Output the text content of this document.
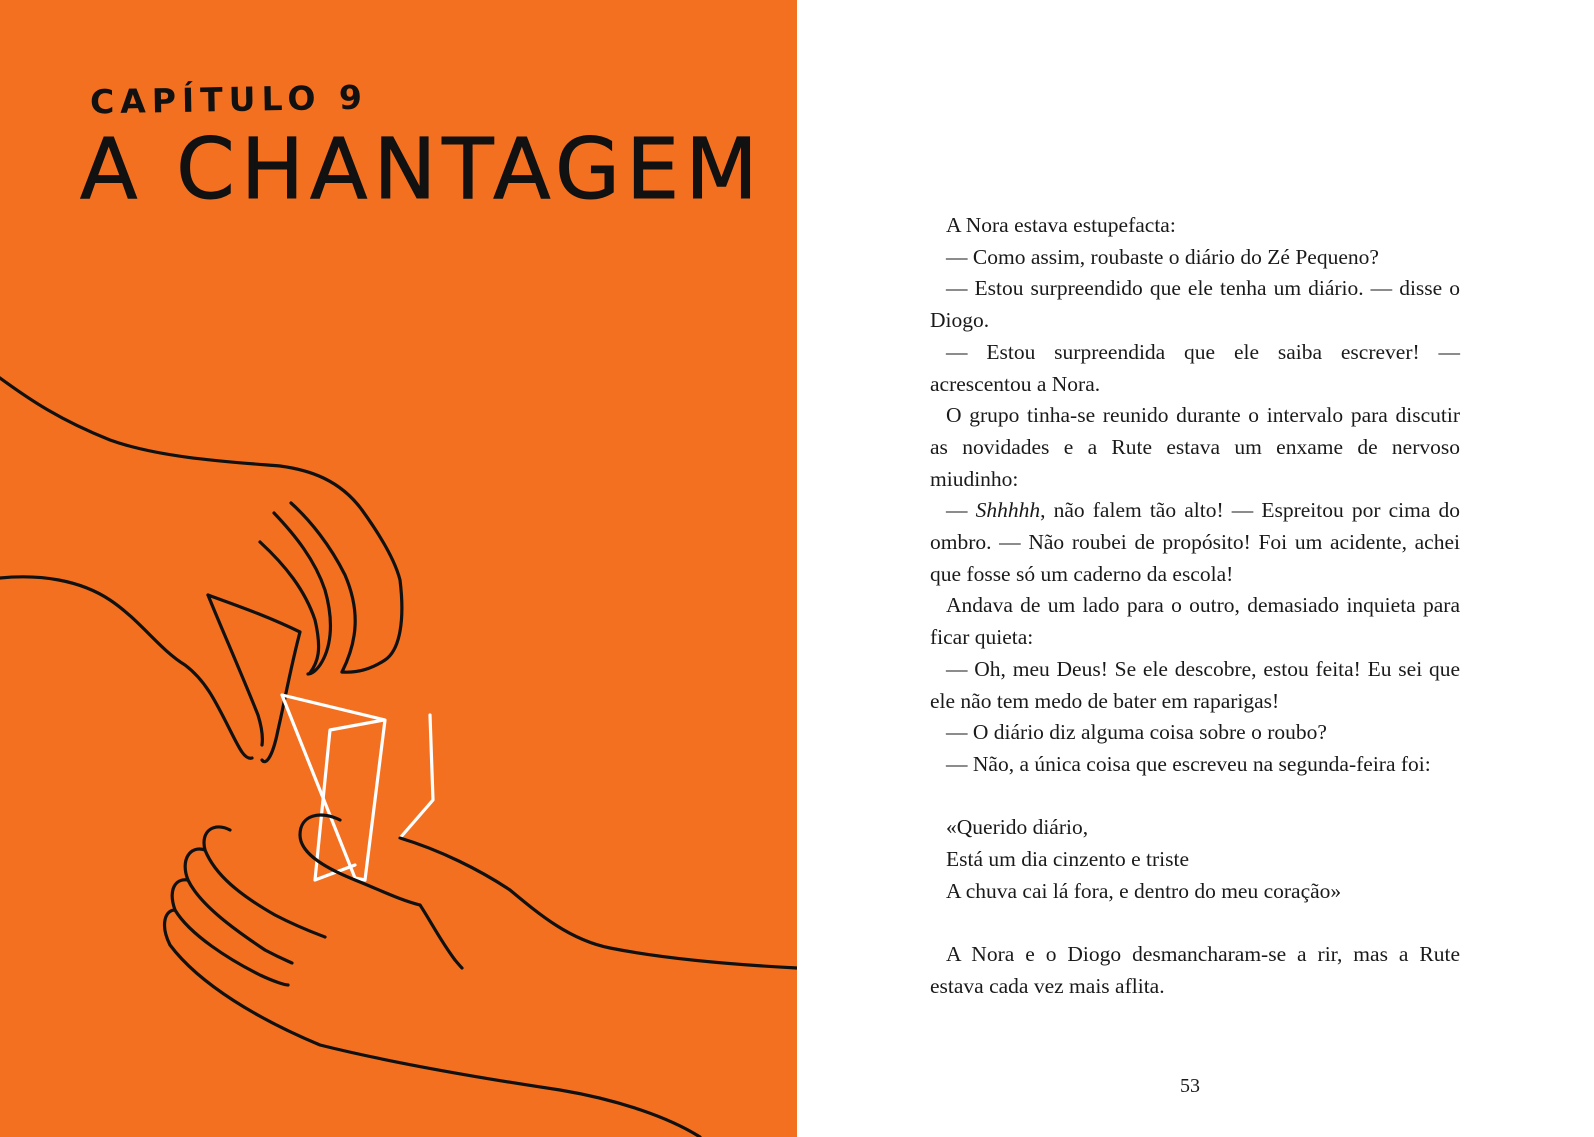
CAPÍTULO 9
A CHANTAGEM

A Nora estava estupefacta:

— Como assim, roubaste o diário do Zé Pequeno?

— Estou surpreendido que ele tenha um diário. — disse o Diogo.

— Estou surpreendida que ele saiba escrever! — acrescentou a Nora.

O grupo tinha-se reunido durante o intervalo para discutir as novidades e a Rute estava um enxame de nervoso miudinho:

— Shhhhh, não falem tão alto! — Espreitou por cima do ombro. — Não roubei de propósito! Foi um acidente, achei que fosse só um caderno da escola!

Andava de um lado para o outro, demasiado inquieta para ficar quieta:

— Oh, meu Deus! Se ele descobre, estou feita! Eu sei que ele não tem medo de bater em raparigas!

— O diário diz alguma coisa sobre o roubo?

— Não, a única coisa que escreveu na segunda-feira foi:

«Querido diário,
Está um dia cinzento e triste
A chuva cai lá fora, e dentro do meu coração»

A Nora e o Diogo desmancharam-se a rir, mas a Rute estava cada vez mais aflita.

53
